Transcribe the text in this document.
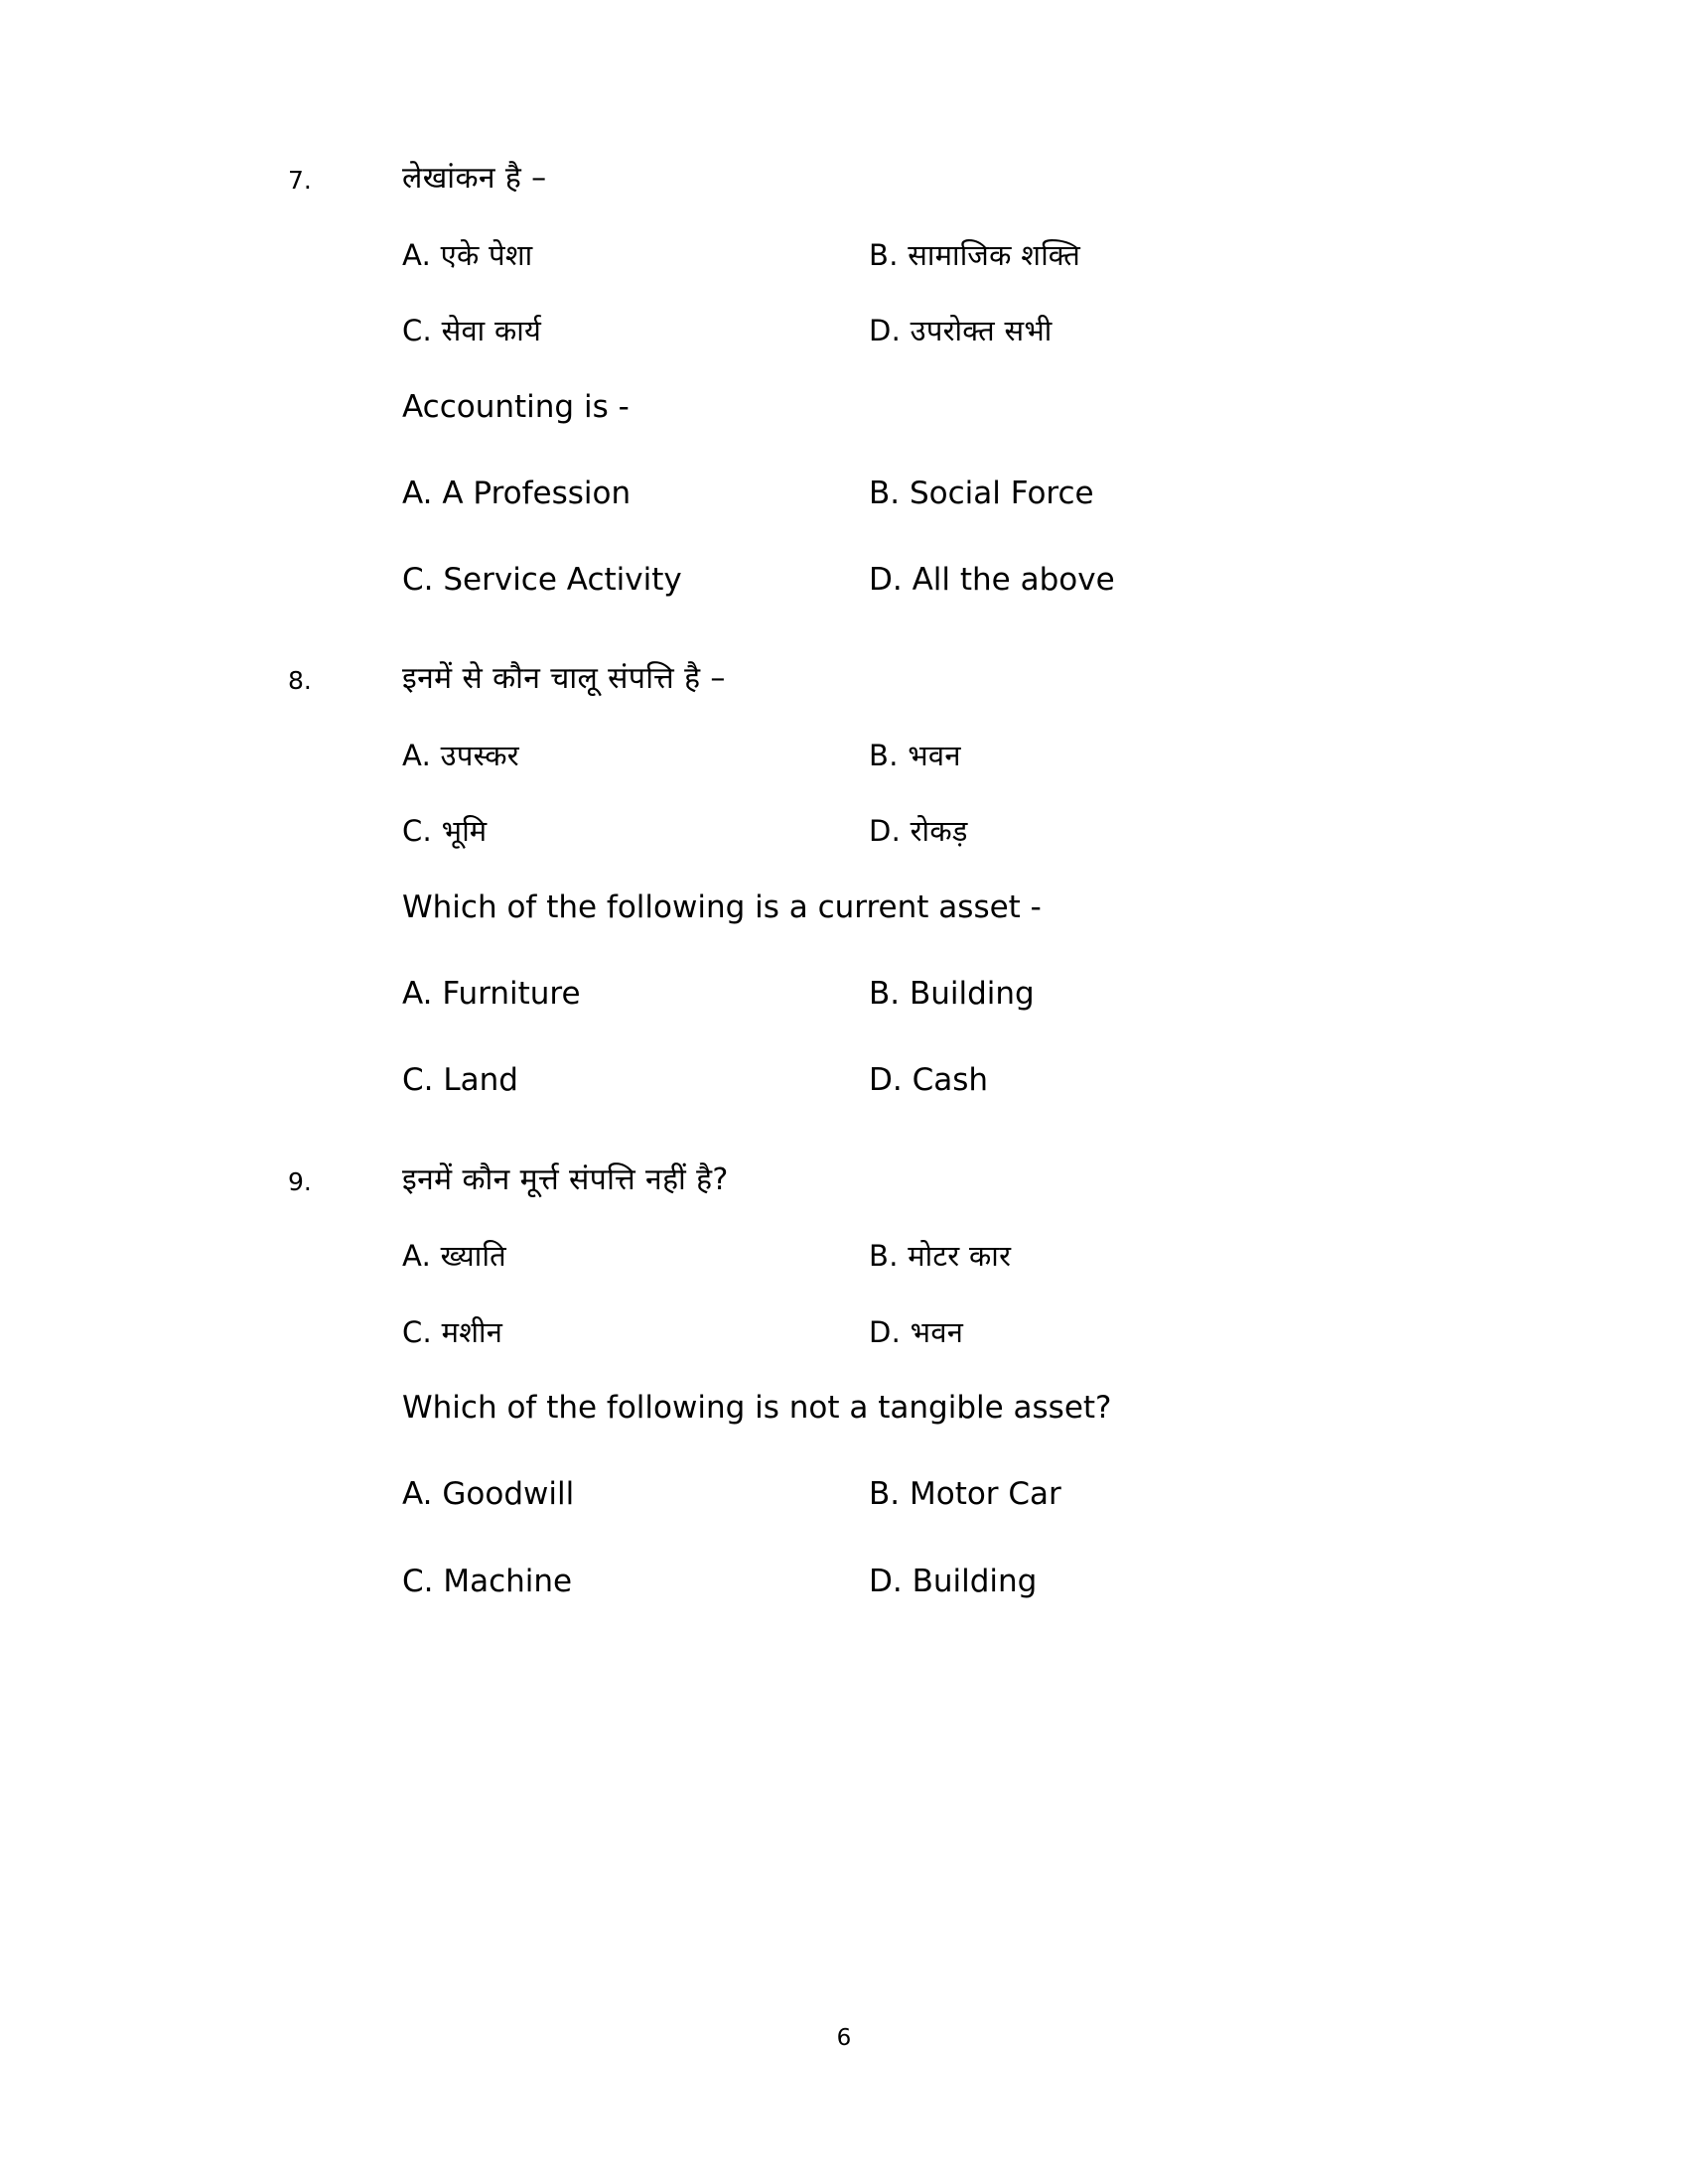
7.	लेखांकन है –
A. एके पेशा	B. सामाजिक शक्ति
C. सेवा कार्य	D. उपरोक्त सभी
Accounting is -
A. A Profession	B. Social Force
C. Service Activity	D. All the above
8.	इनमें से कौन चालू संपत्ति है –
A. उपस्कर	B. भवन
C. भूमि	D. रोकड़
Which of the following is a current asset -
A. Furniture	B. Building
C. Land	D. Cash
9.	इनमें कौन मूर्त्त संपत्ति नहीं है?
A. ख्याति	B. मोटर कार
C. मशीन	D. भवन
Which of the following is not a tangible asset?
A. Goodwill	B. Motor Car
C. Machine	D. Building
6
